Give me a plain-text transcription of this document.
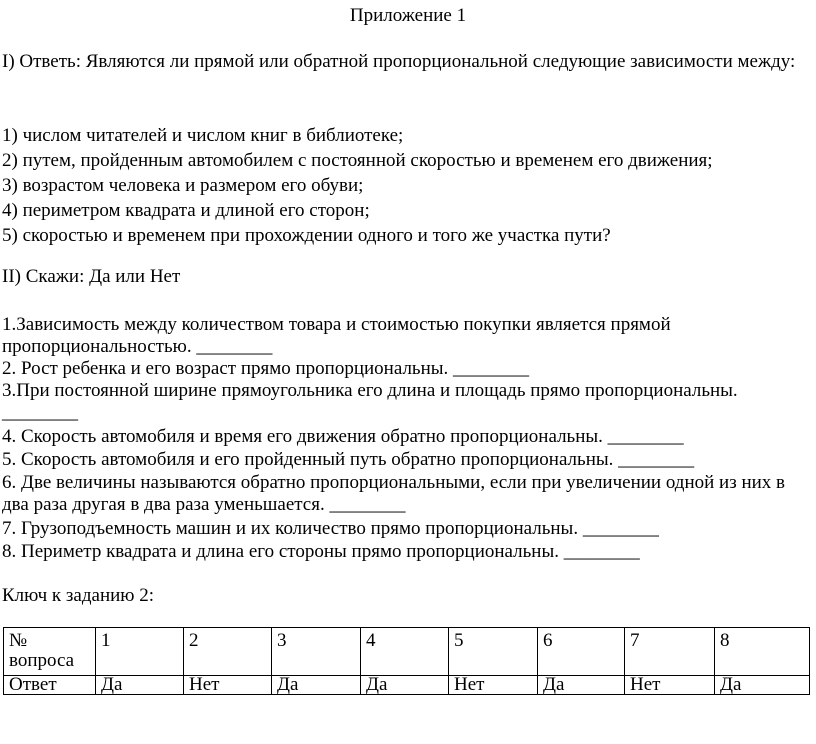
Приложение 1
I) Ответь: Являются ли прямой или обратной пропорциональной следующие зависимости между:
1) числом читателей и числом книг в библиотеке;
2) путем, пройденным автомобилем с постоянной скоростью и временем его движения;
3) возрастом человека и размером его обуви;
4) периметром квадрата и длиной его сторон;
5) скоростью и временем при прохождении одного и того же участка пути?
II) Скажи: Да или Нет
1.Зависимость между количеством товара и стоимостью покупки является прямой пропорциональностью. ________
2. Рост ребенка и его возраст прямо пропорциональны. ________
3.При постоянной ширине прямоугольника его длина и площадь прямо пропорциональны. ________
4. Скорость автомобиля и время его движения обратно пропорциональны. ________
5. Скорость автомобиля и его пройденный путь обратно пропорциональны. ________
6. Две величины называются обратно пропорциональными, если при увеличении одной из них в два раза другая в два раза уменьшается. ________
7. Грузоподъемность машин и их количество прямо пропорциональны. ________
8. Периметр квадрата и длина его стороны прямо пропорциональны. ________
Ключ к заданию 2:
№ вопроса	1	2	3	4	5	6	7	8
Ответ	Да	Нет	Да	Да	Нет	Да	Нет	Да
